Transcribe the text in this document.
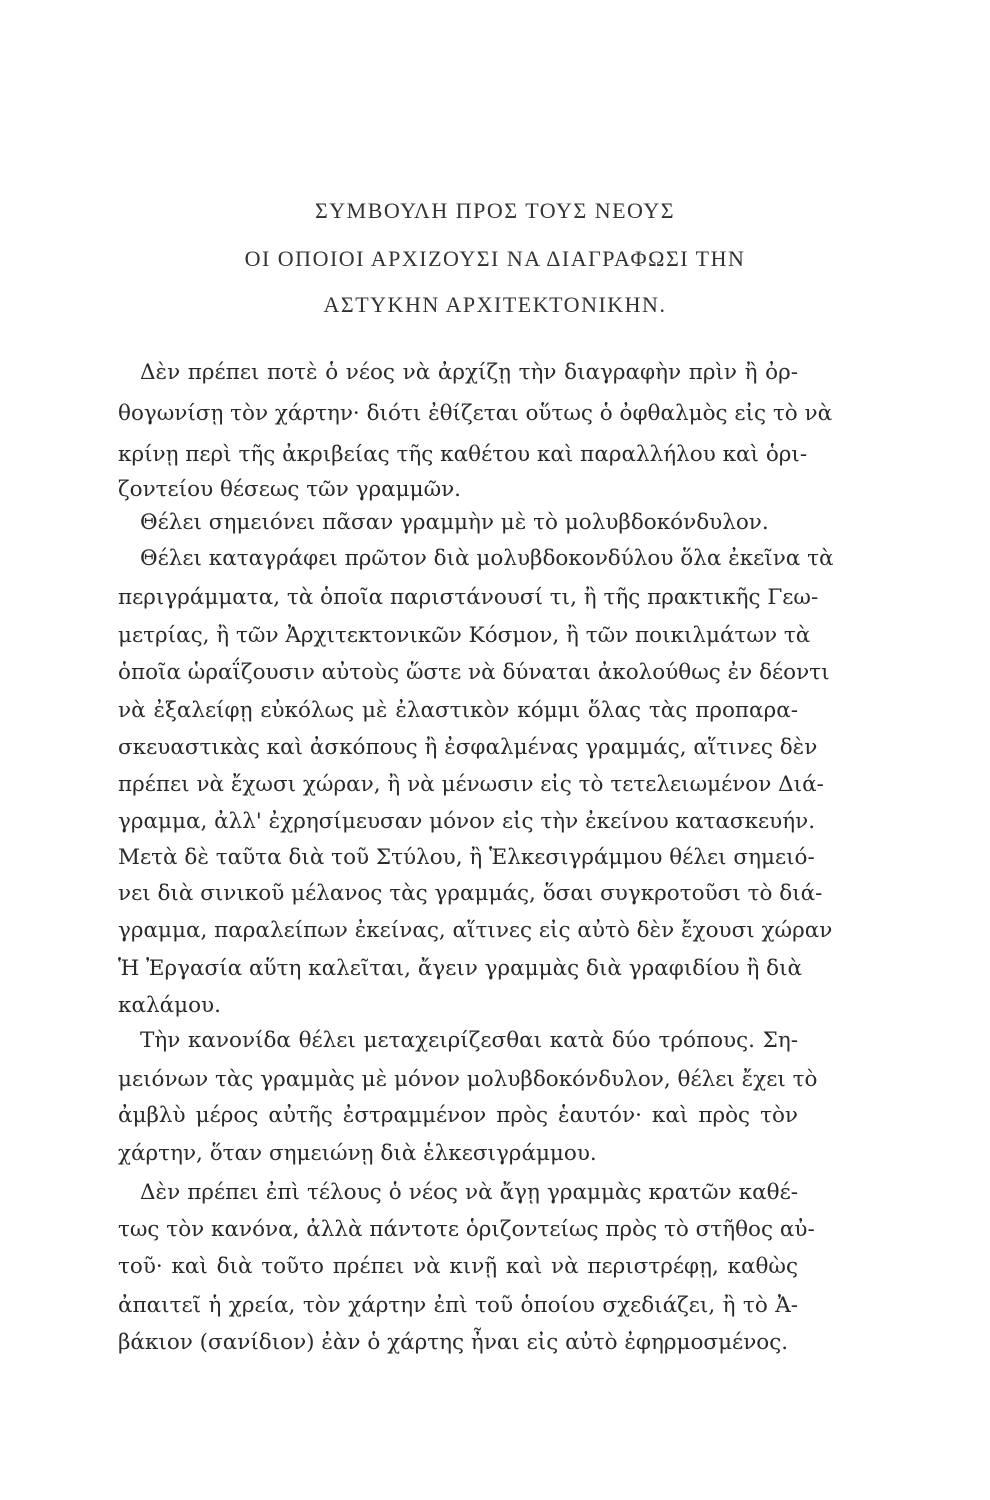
ΣΥΜΒΟΥΛΗ ΠΡΟΣ ΤΟΥΣ ΝΕΟΥΣ
ΟΙ ΟΠΟΙΟΙ ΑΡΧΙΖΟΥΣΙ ΝΑ ΔΙΑΓΡΑΦΩΣΙ ΤΗΝ
ΑΣΤΥΚΗΝ ΑΡΧΙΤΕΚΤΟΝΙΚΗΝ.
Δὲν πρέπει ποτὲ ὁ νέος νὰ ἀρχίζῃ τὴν διαγραφὴν πρὶν ἢ ὀρ-
θογωνίσῃ τὸν χάρτην· διότι ἐθίζεται οὕτως ὁ ὀφθαλμὸς εἰς τὸ νὰ
κρίνῃ περὶ τῆς ἀκριβείας τῆς καθέτου καὶ παραλλήλου καὶ ὁρι-
ζοντείου θέσεως τῶν γραμμῶν.
Θέλει σημειόνει πᾶσαν γραμμὴν μὲ τὸ μολυβδοκόνδυλον.
Θέλει καταγράφει πρῶτον διὰ μολυβδοκονδύλου ὅλα ἐκεῖνα τὰ
περιγράμματα, τὰ ὁποῖα παριστάνουσί τι, ἢ τῆς πρακτικῆς Γεω-
μετρίας, ἢ τῶν Ἀρχιτεκτονικῶν Κόσμον, ἢ τῶν ποικιλμάτων τὰ
ὁποῖα ὡραΐζουσιν αὐτοὺς ὥστε νὰ δύναται ἀκολούθως ἐν δέοντι
νὰ ἐξαλείφῃ εὐκόλως μὲ ἐλαστικὸν κόμμι ὅλας τὰς προπαρα-
σκευαστικὰς καὶ ἀσκόπους ἢ ἐσφαλμένας γραμμάς, αἵτινες δὲν
πρέπει νὰ ἔχωσι χώραν, ἢ νὰ μένωσιν εἰς τὸ τετελειωμένον Διά-
γραμμα, ἀλλ' ἐχρησίμευσαν μόνον εἰς τὴν ἐκείνου κατασκευήν.
Μετὰ δὲ ταῦτα διὰ τοῦ Στύλου, ἢ Ἑλκεσιγράμμου θέλει σημειό-
νει διὰ σινικοῦ μέλανος τὰς γραμμάς, ὅσαι συγκροτοῦσι τὸ διά-
γραμμα, παραλείπων ἐκείνας, αἵτινες εἰς αὐτὸ δὲν ἔχουσι χώραν
Ἡ Ἐργασία αὕτη καλεῖται, ἄγειν γραμμὰς διὰ γραφιδίου ἢ διὰ
καλάμου.
Τὴν κανονίδα θέλει μεταχειρίζεσθαι κατὰ δύο τρόπους. Ση-
μειόνων τὰς γραμμὰς μὲ μόνον μολυβδοκόνδυλον, θέλει ἔχει τὸ
ἀμβλὺ μέρος αὐτῆς ἐστραμμένον πρὸς ἑαυτόν· καὶ πρὸς τὸν
χάρτην, ὅταν σημειώνῃ διὰ ἑλκεσιγράμμου.
Δὲν πρέπει ἐπὶ τέλους ὁ νέος νὰ ἄγῃ γραμμὰς κρατῶν καθέ-
τως τὸν κανόνα, ἀλλὰ πάντοτε ὁριζοντείως πρὸς τὸ στῆθος αὐ-
τοῦ· καὶ διὰ τοῦτο πρέπει νὰ κινῇ καὶ νὰ περιστρέφῃ, καθὼς
ἀπαιτεῖ ἡ χρεία, τὸν χάρτην ἐπὶ τοῦ ὁποίου σχεδιάζει, ἢ τὸ Ἀ-
βάκιον (σανίδιον) ἐὰν ὁ χάρτης ἦναι εἰς αὐτὸ ἐφηρμοσμένος.
